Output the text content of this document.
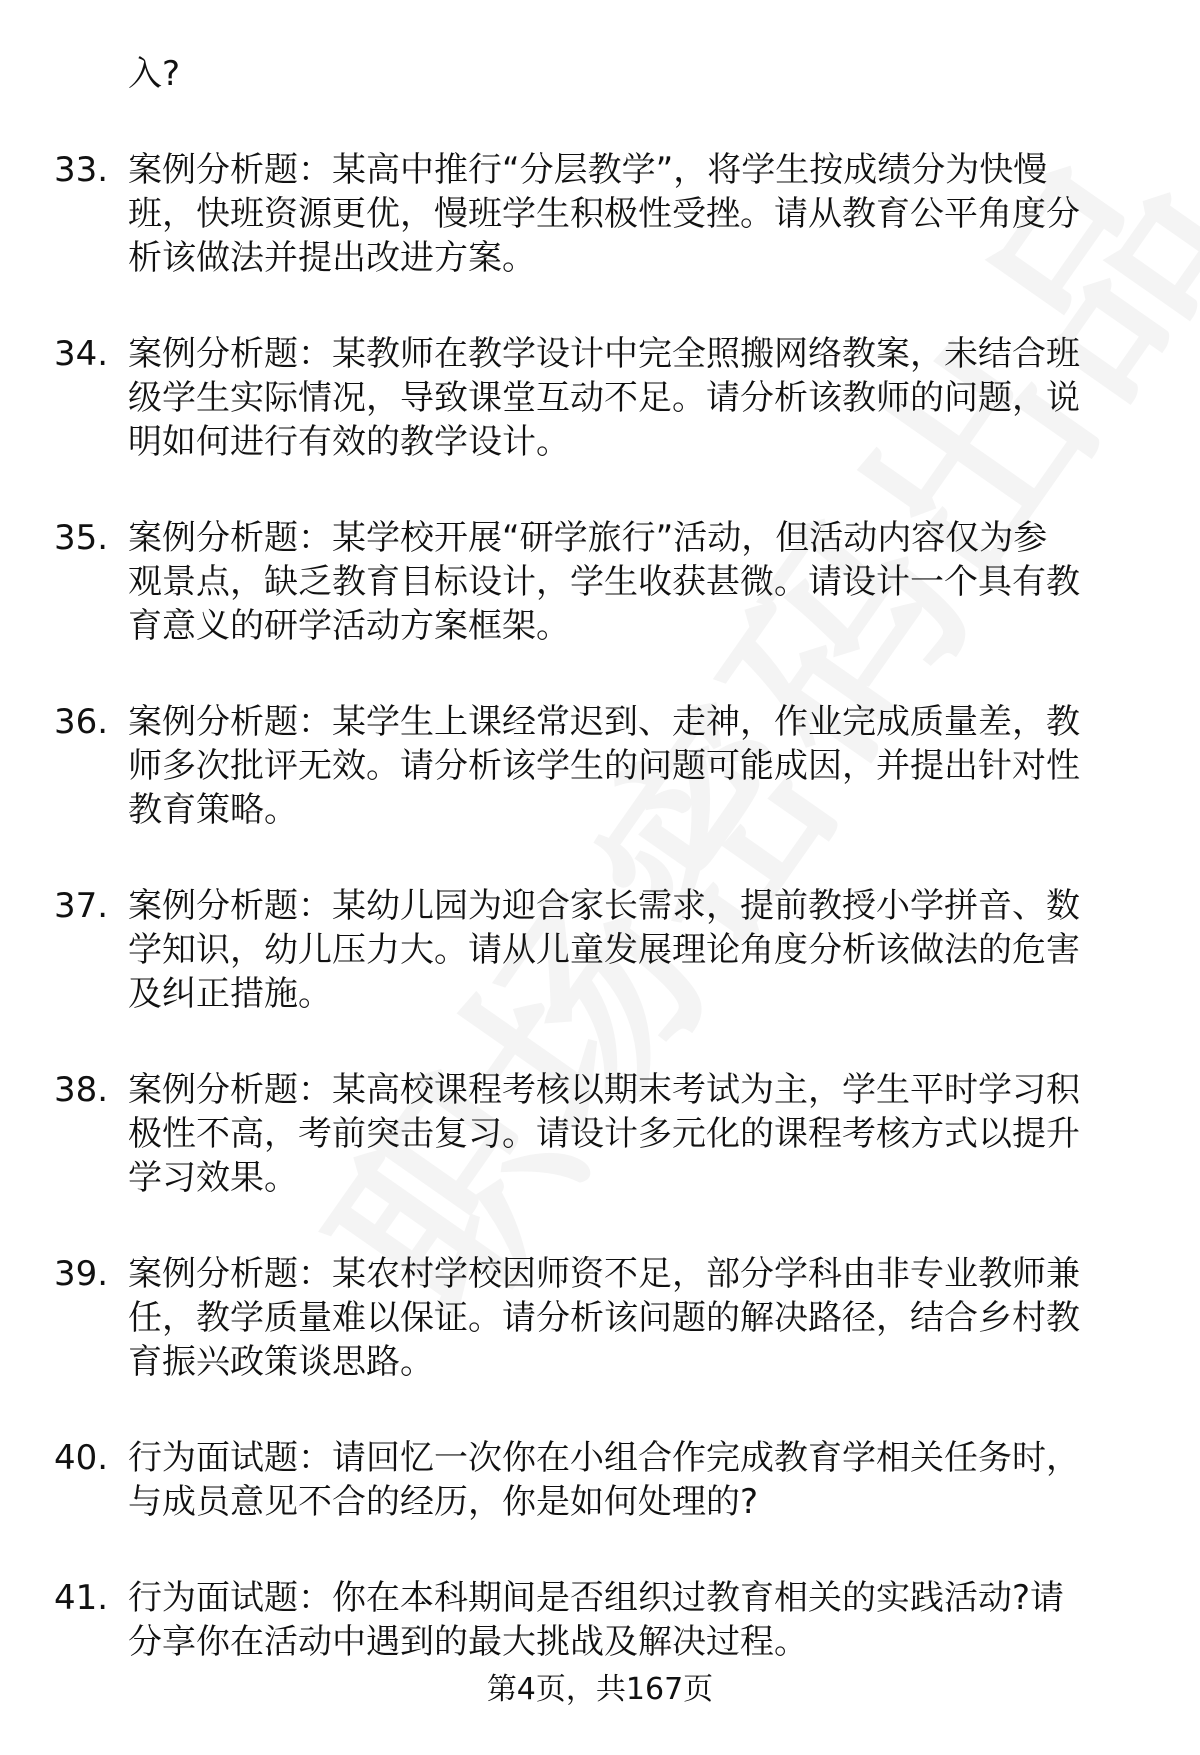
入?
33. 案例分析题：某高中推行“分层教学”，将学生按成绩分为快慢
班，快班资源更优，慢班学生积极性受挫。请从教育公平角度分
析该做法并提出改进方案。
34. 案例分析题：某教师在教学设计中完全照搬网络教案，未结合班
级学生实际情况，导致课堂互动不足。请分析该教师的问题，说
明如何进行有效的教学设计。
35. 案例分析题：某学校开展“研学旅行”活动，但活动内容仅为参
观景点，缺乏教育目标设计，学生收获甚微。请设计一个具有教
育意义的研学活动方案框架。
36. 案例分析题：某学生上课经常迟到、走神，作业完成质量差，教
师多次批评无效。请分析该学生的问题可能成因，并提出针对性
教育策略。
37. 案例分析题：某幼儿园为迎合家长需求，提前教授小学拼音、数
学知识，幼儿压力大。请从儿童发展理论角度分析该做法的危害
及纠正措施。
38. 案例分析题：某高校课程考核以期末考试为主，学生平时学习积
极性不高，考前突击复习。请设计多元化的课程考核方式以提升
学习效果。
39. 案例分析题：某农村学校因师资不足，部分学科由非专业教师兼
任，教学质量难以保证。请分析该问题的解决路径，结合乡村教
育振兴政策谈思路。
40. 行为面试题：请回忆一次你在小组合作完成教育学相关任务时，
与成员意见不合的经历，你是如何处理的?
41. 行为面试题：你在本科期间是否组织过教育相关的实践活动?请
分享你在活动中遇到的最大挑战及解决过程。
第4页，共167页
